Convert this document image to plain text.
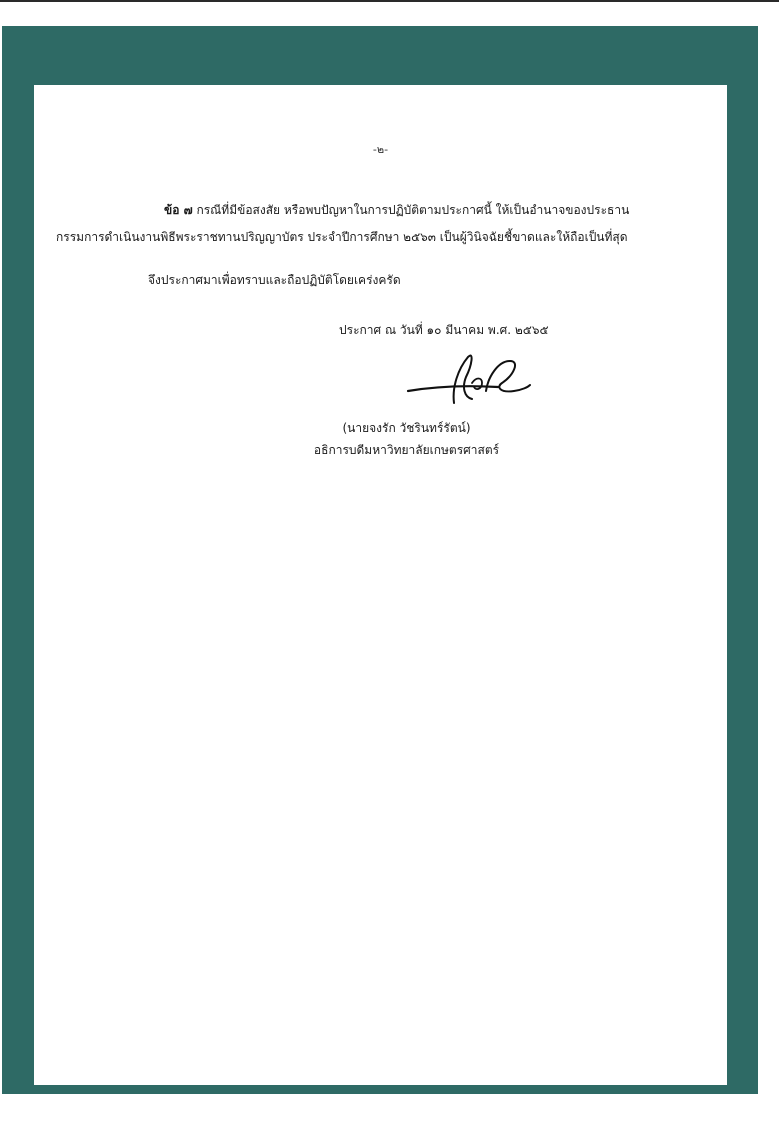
-๒-
ข้อ ๗ กรณีที่มีข้อสงสัย หรือพบปัญหาในการปฏิบัติตามประกาศนี้ ให้เป็นอำนาจของประธาน
กรรมการดำเนินงานพิธีพระราชทานปริญญาบัตร ประจำปีการศึกษา ๒๕๖๓ เป็นผู้วินิจฉัยชี้ขาดและให้ถือเป็นที่สุด
จึงประกาศมาเพื่อทราบและถือปฏิบัติโดยเคร่งครัด
ประกาศ ณ วันที่ ๑๐ มีนาคม พ.ศ. ๒๕๖๕
(นายจงรัก วัชรินทร์รัตน์)
อธิการบดีมหาวิทยาลัยเกษตรศาสตร์
